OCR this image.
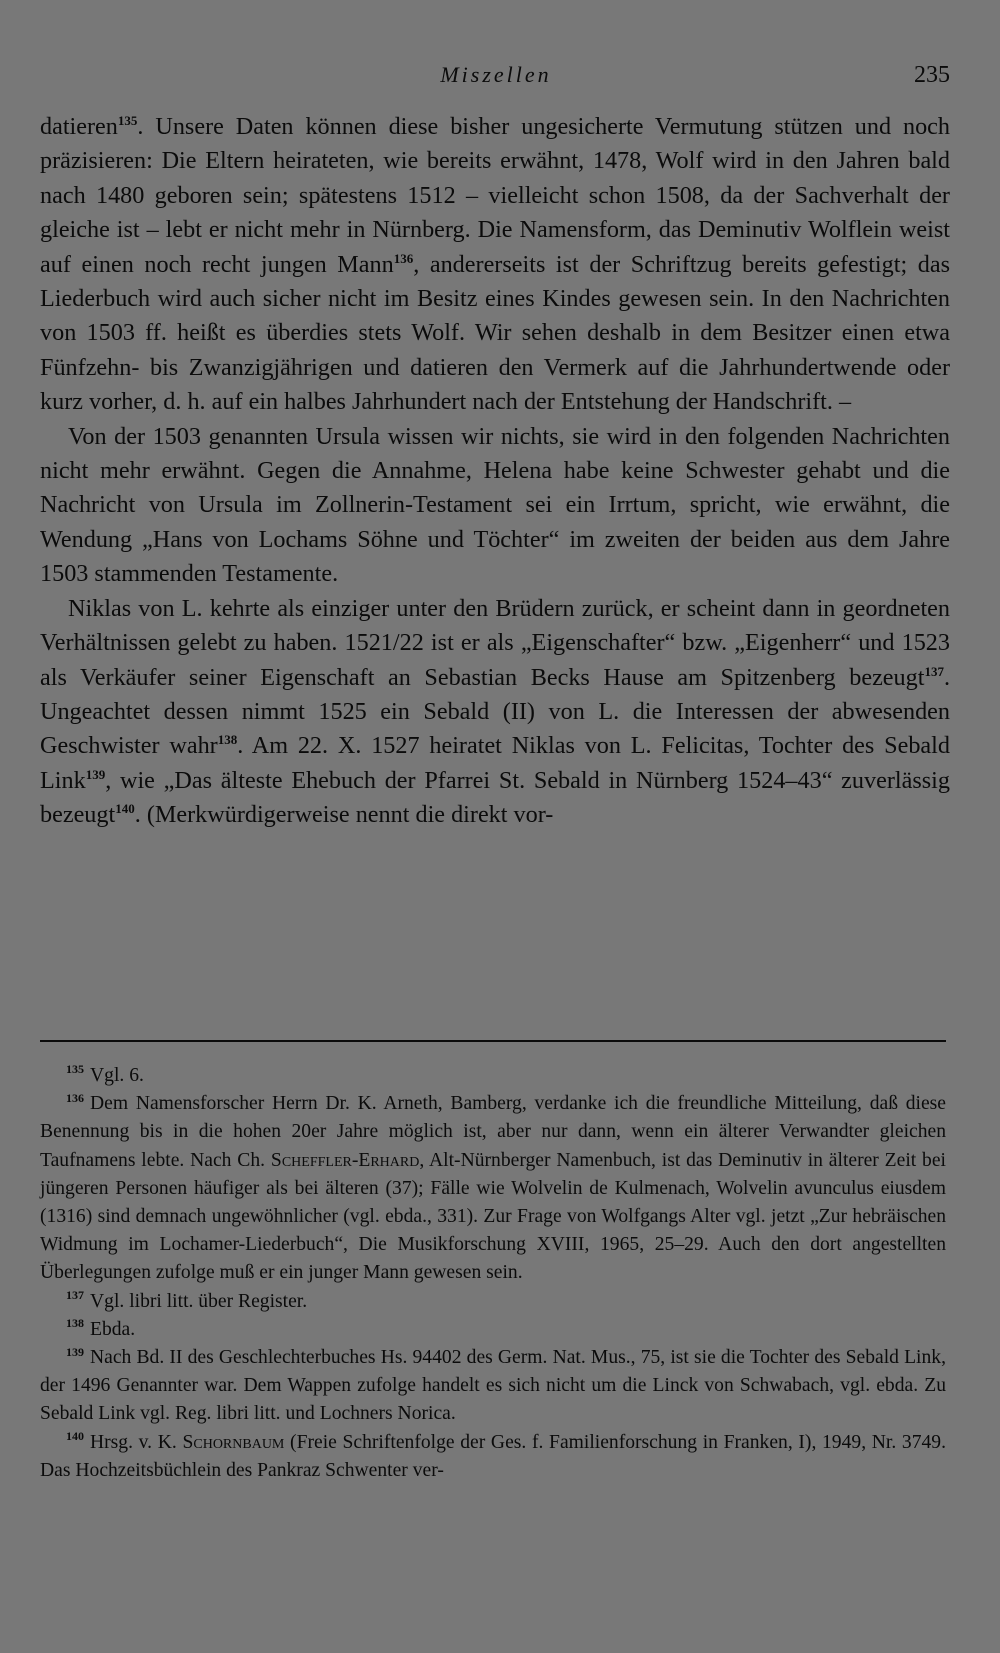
Miszellen	235

datieren$^{135}$. Unsere Daten können diese bisher ungesicherte Vermutung stützen und noch präzisieren: Die Eltern heirateten, wie bereits erwähnt, 1478, Wolf wird in den Jahren bald nach 1480 geboren sein; spätestens 1512 – vielleicht schon 1508, da der Sachverhalt der gleiche ist – lebt er nicht mehr in Nürnberg. Die Namensform, das Deminutiv Wolflein weist auf einen noch recht jungen Mann$^{136}$, andererseits ist der Schriftzug bereits gefestigt; das Liederbuch wird auch sicher nicht im Besitz eines Kindes gewesen sein. In den Nachrichten von 1503 ff. heißt es überdies stets Wolf. Wir sehen deshalb in dem Besitzer einen etwa Fünfzehn- bis Zwanzigjährigen und datieren den Vermerk auf die Jahrhundertwende oder kurz vorher, d. h. auf ein halbes Jahrhundert nach der Entstehung der Handschrift. –

Von der 1503 genannten Ursula wissen wir nichts, sie wird in den folgenden Nachrichten nicht mehr erwähnt. Gegen die Annahme, Helena habe keine Schwester gehabt und die Nachricht von Ursula im Zollnerin-Testament sei ein Irrtum, spricht, wie erwähnt, die Wendung „Hans von Lochams Söhne und Töchter“ im zweiten der beiden aus dem Jahre 1503 stammenden Testamente.

Niklas von L. kehrte als einziger unter den Brüdern zurück, er scheint dann in geordneten Verhältnissen gelebt zu haben. 1521/22 ist er als „Eigenschafter“ bzw. „Eigenherr“ und 1523 als Verkäufer seiner Eigenschaft an Sebastian Becks Hause am Spitzenberg bezeugt$^{137}$. Ungeachtet dessen nimmt 1525 ein Sebald (II) von L. die Interessen der abwesenden Geschwister wahr$^{138}$. Am 22. X. 1527 heiratet Niklas von L. Felicitas, Tochter des Sebald Link$^{139}$, wie „Das älteste Ehebuch der Pfarrei St. Sebald in Nürnberg 1524–43“ zuverlässig bezeugt$^{140}$. (Merkwürdigerweise nennt die direkt vor-

$^{135}$ Vgl. 6.

$^{136}$ Dem Namensforscher Herrn Dr. K. Arneth, Bamberg, verdanke ich die freundliche Mitteilung, daß diese Benennung bis in die hohen 20er Jahre möglich ist, aber nur dann, wenn ein älterer Verwandter gleichen Taufnamens lebte. Nach Ch. Scheffler-Erhard, Alt-Nürnberger Namenbuch, ist das Deminutiv in älterer Zeit bei jüngeren Personen häufiger als bei älteren (37); Fälle wie Wolvelin de Kulmenach, Wolvelin avunculus eiusdem (1316) sind demnach ungewöhnlicher (vgl. ebda., 331). Zur Frage von Wolfgangs Alter vgl. jetzt „Zur hebräischen Widmung im Lochamer-Liederbuch“, Die Musikforschung XVIII, 1965, 25–29. Auch den dort angestellten Überlegungen zufolge muß er ein junger Mann gewesen sein.

$^{137}$ Vgl. libri litt. über Register.

$^{138}$ Ebda.

$^{139}$ Nach Bd. II des Geschlechterbuches Hs. 94402 des Germ. Nat. Mus., 75, ist sie die Tochter des Sebald Link, der 1496 Genannter war. Dem Wappen zufolge handelt es sich nicht um die Linck von Schwabach, vgl. ebda. Zu Sebald Link vgl. Reg. libri litt. und Lochners Norica.

$^{140}$ Hrsg. v. K. Schornbaum (Freie Schriftenfolge der Ges. f. Familienforschung in Franken, I), 1949, Nr. 3749. Das Hochzeitsbüchlein des Pankraz Schwenter ver-
